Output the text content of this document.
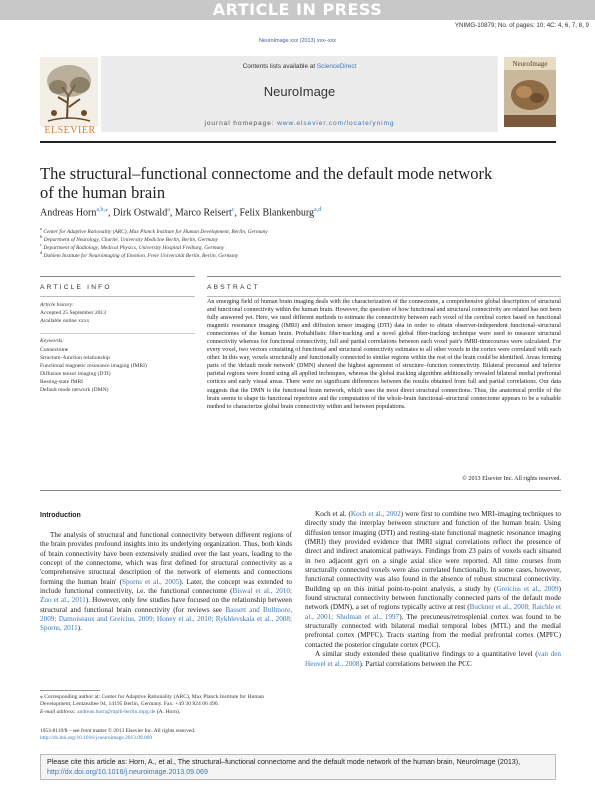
ARTICLE IN PRESS
YNIMG-10879; No. of pages: 10; 4C: 4, 6, 7, 8, 9
NeuroImage xxx (2013) xxx–xxx
Contents lists available at ScienceDirect
NeuroImage
journal homepage: www.elsevier.com/locate/ynimg
ELSEVIER
NeuroImage
The structural–functional connectome and the default mode network of the human brain
Andreas Horn$^{a,b,⁎}$, Dirk Ostwald$^a$, Marco Reisert$^c$, Felix Blankenburg$^{a,d}$
$^a$ Center for Adaptive Rationality (ARC), Max Planck Institute for Human Development, Berlin, Germany
$^b$ Department of Neurology, Charité, University Medicine Berlin, Berlin, Germany
$^c$ Department of Radiology, Medical Physics, University Hospital Freiburg, Germany
$^d$ Dahlem Institute for Neuroimaging of Emotion, Freie Universität Berlin, Berlin, Germany
ARTICLE INFO
Article history:
Accepted 25 September 2013
Available online xxxx
Keywords:
Connectome
Structure–function relationship
Functional magnetic resonance imaging (fMRI)
Diffusion tensor imaging (DTI)
Resting-state fMRI
Default mode network (DMN)
ABSTRACT
An emerging field of human brain imaging deals with the characterization of the connectome, a comprehensive global description of structural and functional connectivity within the human brain. However, the question of how functional and structural connectivity are related has not been fully answered yet. Here, we used different methods to estimate the connectivity between each voxel of the cerebral cortex based on functional magnetic resonance imaging (fMRI) and diffusion tensor imaging (DTI) data in order to obtain observer-independent functional–structural connectomes of the human brain. Probabilistic fiber-tracking and a novel global fiber-tracking technique were used to measure structural connectivity whereas for functional connectivity, full and partial correlations between each voxel pair's fMRI-timecourses were calculated. For every voxel, two vectors consisting of functional and structural connectivity estimates to all other voxels in the cortex were correlated with each other. In this way, voxels structurally and functionally connected to similar regions within the rest of the brain could be identified. Areas forming parts of the 'default mode network' (DMN) showed the highest agreement of structure–function connectivity. Bilateral precuneal and inferior parietal regions were found using all applied techniques, whereas the global tracking algorithm additionally revealed bilateral medial prefrontal cortices and early visual areas. There were no significant differences between the results obtained from full and partial correlations. Our data suggests that the DMN is the functional brain network, which uses the most direct structural connections. Thus, the anatomical profile of the brain seems to shape its functional repertoire and the computation of the whole-brain functional–structural connectome appears to be a valuable method to characterize global brain connectivity within and between populations.
© 2013 Elsevier Inc. All rights reserved.
Introduction

The analysis of structural and functional connectivity between different regions of the brain provides profound insights into its underlying organization. Thus, both kinds of brain connectivity have been extensively studied over the last years, leading to the concept of the connectome, which was first defined for structural connectivity as a 'comprehensive structural description of the network of elements and connections forming the human brain' (Sporns et al., 2005). Later, the concept was extended to include functional connectivity, i.e. the functional connectome (Biswal et al., 2010; Zuo et al., 2011). However, only few studies have focused on the relationship between structural and functional brain connectivity (for reviews see Bassett and Bullmore, 2009; Damoiseaux and Greicius, 2009; Honey et al., 2010; Rykhlevskaia et al., 2008; Sporns, 2011).

Koch et al. (Koch et al., 2002) were first to combine two MRI-imaging techniques to directly study the interplay between structure and function of the human brain. Using diffusion tensor imaging (DTI) and resting-state functional magnetic resonance imaging (fMRI) they provided evidence that fMRI signal correlations reflect the presence of direct and indirect anatomical pathways. Findings from 23 pairs of voxels each situated in two adjacent gyri on a single axial slice were reported. All time courses from structurally connected voxels were also correlated functionally. In some cases, however, functional connectivity was also found in the absence of robust structural connectivity. Building up on this initial point-to-point analysis, a study by (Greicius et al., 2009) found structural connectivity between functionally connected parts of the default mode network (DMN), a set of regions typically active at rest (Buckner et al., 2008; Raichle et al., 2001; Shulman et al., 1997). The precuneus/retrosplenial cortex was found to be structurally connected with bilateral medial temporal lobes (MTL) and the medial prefrontal cortex (MPFC). Tracts starting from the medial prefrontal cortex (MPFC) contacted the posterior cingulate cortex (PCC).

A similar study extended these qualitative findings to a quantitative level (van den Heuvel et al., 2008). Partial correlations between the PCC

⁎ Corresponding author at: Center for Adaptive Rationality (ARC), Max Planck Institute for Human Development, Lentzeallee 94, 14195 Berlin, Germany. Fax: +49 30 824 06 490.
E-mail address: andreas.horn@mpib-berlin.mpg.de (A. Horn).
1053-8119/$ – see front matter © 2013 Elsevier Inc. All rights reserved.
http://dx.doi.org/10.1016/j.neuroimage.2013.09.069
Please cite this article as: Horn, A., et al., The structural–functional connectome and the default mode network of the human brain, NeuroImage (2013), http://dx.doi.org/10.1016/j.neuroimage.2013.09.069
